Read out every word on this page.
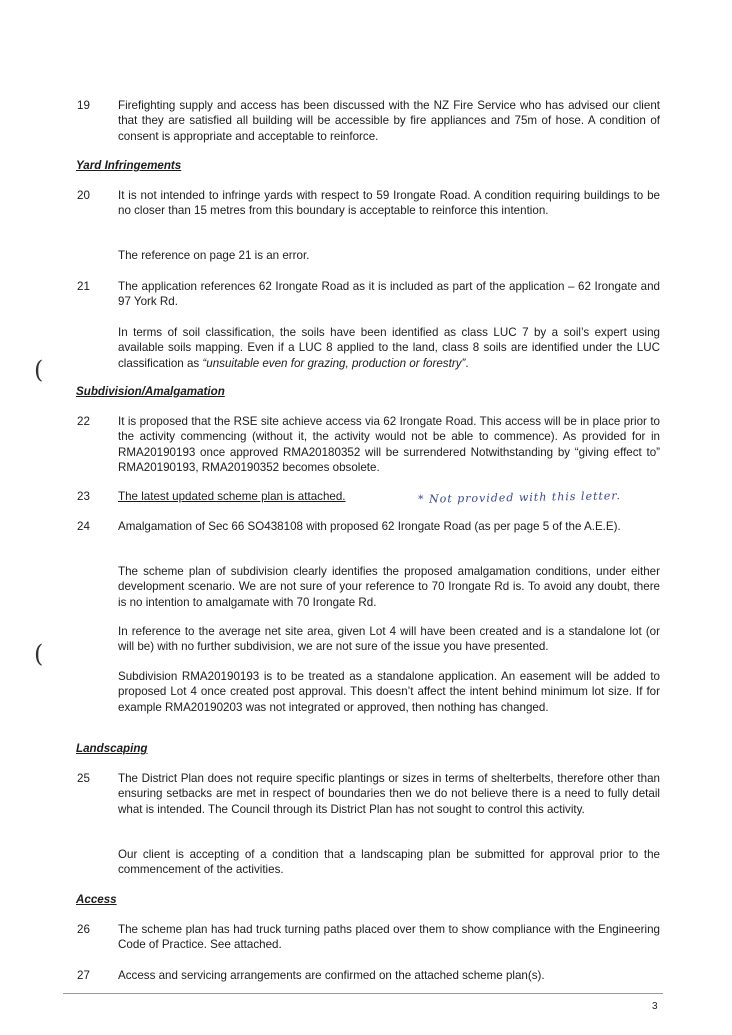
19 Firefighting supply and access has been discussed with the NZ Fire Service who has advised our client that they are satisfied all building will be accessible by fire appliances and 75m of hose. A condition of consent is appropriate and acceptable to reinforce.
Yard Infringements
20 It is not intended to infringe yards with respect to 59 Irongate Road. A condition requiring buildings to be no closer than 15 metres from this boundary is acceptable to reinforce this intention.
The reference on page 21 is an error.
21 The application references 62 Irongate Road as it is included as part of the application – 62 Irongate and 97 York Rd.
In terms of soil classification, the soils have been identified as class LUC 7 by a soil’s expert using available soils mapping. Even if a LUC 8 applied to the land, class 8 soils are identified under the LUC classification as “unsuitable even for grazing, production or forestry”.
(
Subdivision/Amalgamation
22 It is proposed that the RSE site achieve access via 62 Irongate Road. This access will be in place prior to the activity commencing (without it, the activity would not be able to commence). As provided for in RMA20190193 once approved RMA20180352 will be surrendered Notwithstanding by “giving effect to” RMA20190193, RMA20190352 becomes obsolete.
23 The latest updated scheme plan is attached.	* Not provided with this letter.
24 Amalgamation of Sec 66 SO438108 with proposed 62 Irongate Road (as per page 5 of the A.E.E).
The scheme plan of subdivision clearly identifies the proposed amalgamation conditions, under either development scenario. We are not sure of your reference to 70 Irongate Rd is. To avoid any doubt, there is no intention to amalgamate with 70 Irongate Rd.
In reference to the average net site area, given Lot 4 will have been created and is a standalone lot (or will be) with no further subdivision, we are not sure of the issue you have presented.
(
Subdivision RMA20190193 is to be treated as a standalone application. An easement will be added to proposed Lot 4 once created post approval. This doesn’t affect the intent behind minimum lot size. If for example RMA20190203 was not integrated or approved, then nothing has changed.
Landscaping
25 The District Plan does not require specific plantings or sizes in terms of shelterbelts, therefore other than ensuring setbacks are met in respect of boundaries then we do not believe there is a need to fully detail what is intended. The Council through its District Plan has not sought to control this activity.
Our client is accepting of a condition that a landscaping plan be submitted for approval prior to the commencement of the activities.
Access
26 The scheme plan has had truck turning paths placed over them to show compliance with the Engineering Code of Practice. See attached.
27 Access and servicing arrangements are confirmed on the attached scheme plan(s).
3
